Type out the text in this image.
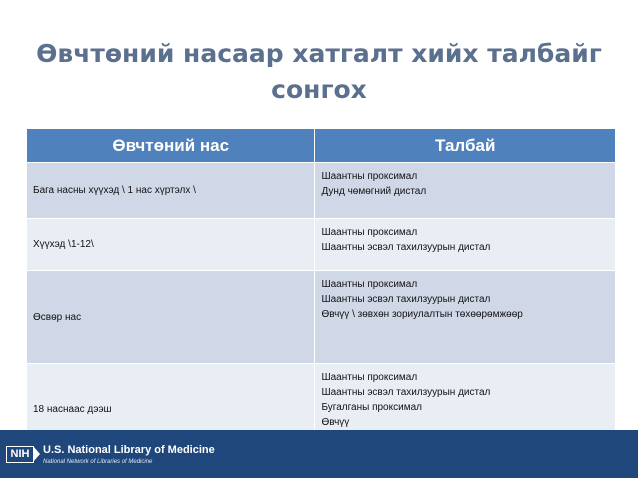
Өвчтөний насаар хатгалт хийх талбайг
сонгох
Өвчтөний нас	Талбай
Бага насны хүүхэд \ 1 нас хүртэлх \	Шаантны проксимал
Дунд чөмөгний дистал

Хүүхэд \1-12\	Шаантны проксимал
Шаантны эсвэл тахилзуурын дистал

Өсвөр нас	Шаантны проксимал
Шаантны эсвэл тахилзуурын дистал
Өвчүү \ зөвхөн зориулалтын төхөөрөмжөөр

18 наснаас дээш	Шаантны проксимал
Шаантны эсвэл тахилзуурын дистал
Бугалганы проксимал
Өвчүү
NIH	U.S. National Library of Medicine
National Network of Libraries of Medicine
